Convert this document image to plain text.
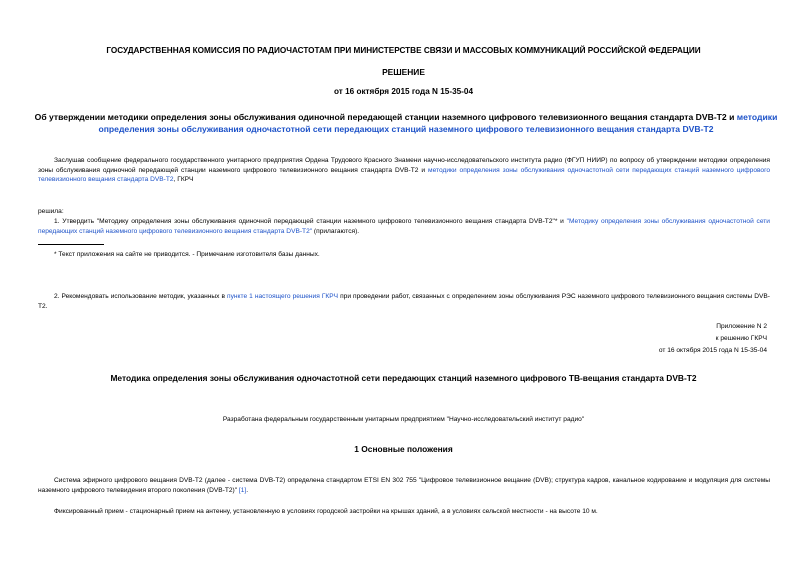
ГОСУДАРСТВЕННАЯ КОМИССИЯ ПО РАДИОЧАСТОТАМ ПРИ МИНИСТЕРСТВЕ СВЯЗИ И МАССОВЫХ КОММУНИКАЦИЙ РОССИЙСКОЙ ФЕДЕРАЦИИ
РЕШЕНИЕ
от 16 октября 2015 года N 15-35-04
Об утверждении методики определения зоны обслуживания одиночной передающей станции наземного цифрового телевизионного вещания стандарта DVB-T2 и методики определения зоны обслуживания одночастотной сети передающих станций наземного цифрового телевизионного вещания стандарта DVB-T2
Заслушав сообщение федерального государственного унитарного предприятия Ордена Трудового Красного Знамени научно-исследовательского института радио (ФГУП НИИР) по вопросу об утверждении методики определения зоны обслуживания одиночной передающей станции наземного цифрового телевизионного вещания стандарта DVB-T2 и методики определения зоны обслуживания одночастотной сети передающих станций наземного цифрового телевизионного вещания стандарта DVB-T2, ГКРЧ
решила:
1. Утвердить "Методику определения зоны обслуживания одиночной передающей станции наземного цифрового телевизионного вещания стандарта DVB-T2"* и "Методику определения зоны обслуживания одночастотной сети передающих станций наземного цифрового телевизионного вещания стандарта DVB-T2" (прилагаются).
* Текст приложения на сайте не приводится. - Примечание изготовителя базы данных.
2. Рекомендовать использование методик, указанных в пункте 1 настоящего решения ГКРЧ при проведении работ, связанных с определением зоны обслуживания РЭС наземного цифрового телевизионного вещания системы DVB-T2.
Приложение N 2
к решению ГКРЧ
от 16 октября 2015 года N 15-35-04
Методика определения зоны обслуживания одночастотной сети передающих станций наземного цифрового ТВ-вещания стандарта DVB-T2
Разработана федеральным государственным унитарным предприятием "Научно-исследовательский институт радио"
1 Основные положения
Система эфирного цифрового вещания DVB-T2 (далее - система DVB-T2) определена стандартом ETSI EN 302 755 "Цифровое телевизионное вещание (DVB); структура кадров, канальное кодирование и модуляция для системы наземного цифрового телевидения второго поколения (DVB-T2)" [1].
Фиксированный прием - стационарный прием на антенну, установленную в условиях городской застройки на крышах зданий, а в условиях сельской местности - на высоте 10 м.
